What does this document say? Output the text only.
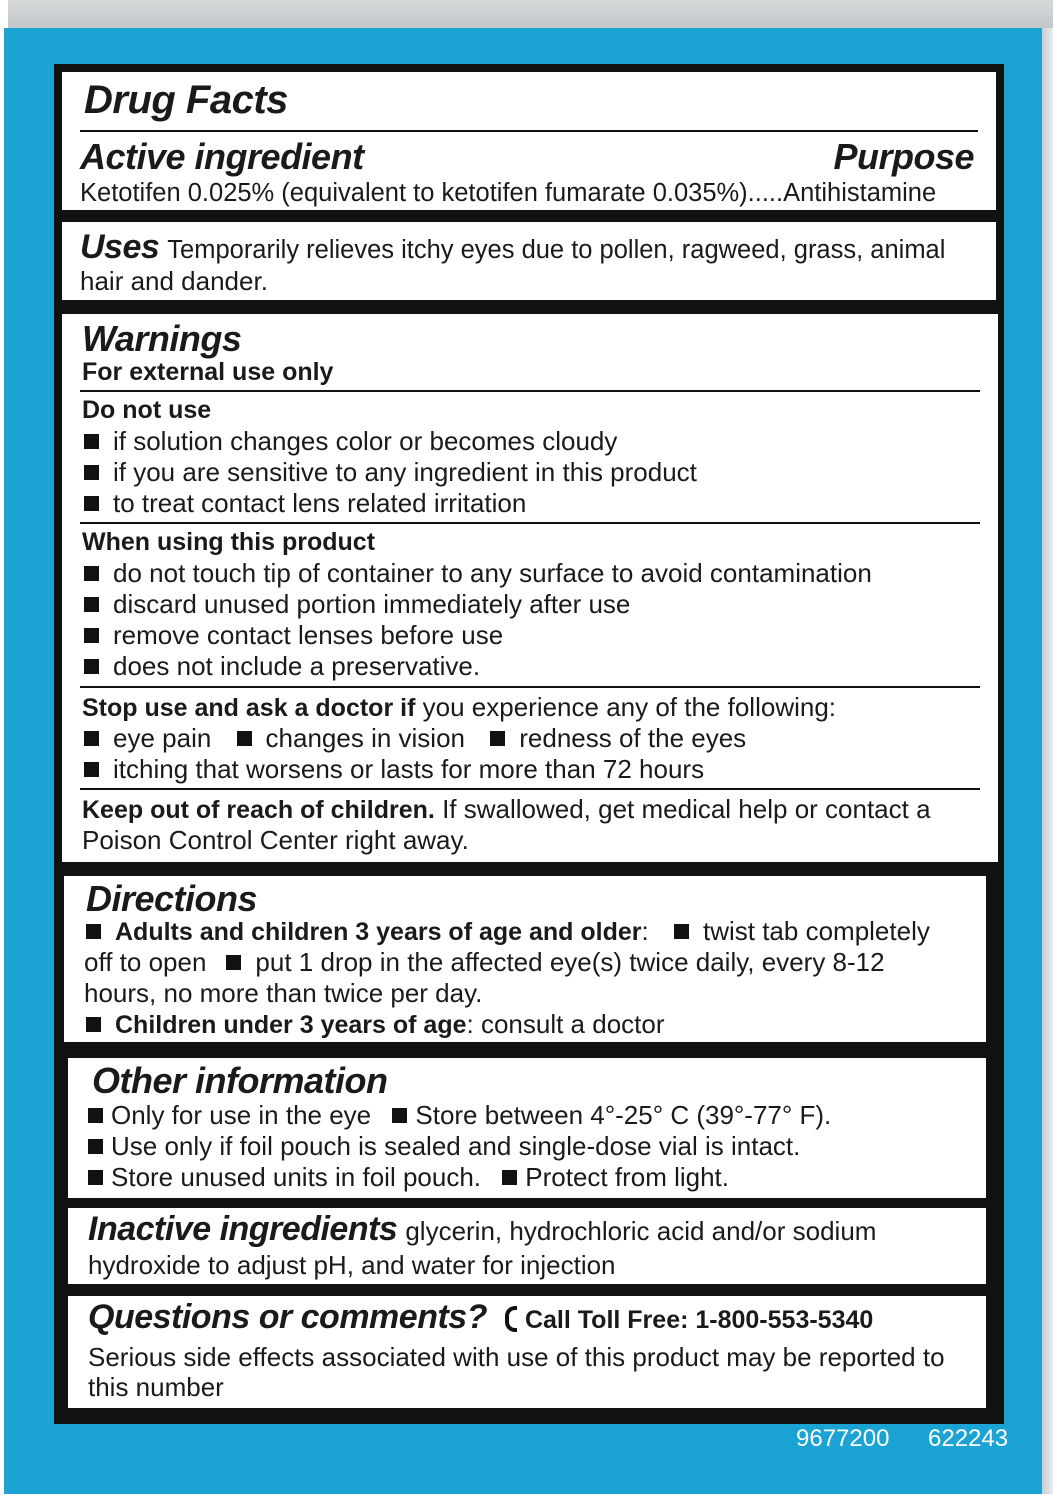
Drug Facts
Active ingredient	Purpose
Ketotifen 0.025% (equivalent to ketotifen fumarate 0.035%).....Antihistamine
Uses Temporarily relieves itchy eyes due to pollen, ragweed, grass, animal
hair and dander.
Warnings
For external use only
Do not use
if solution changes color or becomes cloudy
if you are sensitive to any ingredient in this product
to treat contact lens related irritation
When using this product
do not touch tip of container to any surface to avoid contamination
discard unused portion immediately after use
remove contact lenses before use
does not include a preservative.
Stop use and ask a doctor if you experience any of the following:
eye pain changes in vision redness of the eyes
itching that worsens or lasts for more than 72 hours
Keep out of reach of children. If swallowed, get medical help or contact a
Poison Control Center right away.
Directions
Adults and children 3 years of age and older: twist tab completely
off to open put 1 drop in the affected eye(s) twice daily, every 8-12
hours, no more than twice per day.
Children under 3 years of age: consult a doctor
Other information
Only for use in the eye Store between 4°-25° C (39°-77° F).
Use only if foil pouch is sealed and single-dose vial is intact.
Store unused units in foil pouch. Protect from light.
Inactive ingredients glycerin, hydrochloric acid and/or sodium
hydroxide to adjust pH, and water for injection
Questions or comments? Call Toll Free: 1-800-553-5340
Serious side effects associated with use of this product may be reported to
this number
9677200 622243
